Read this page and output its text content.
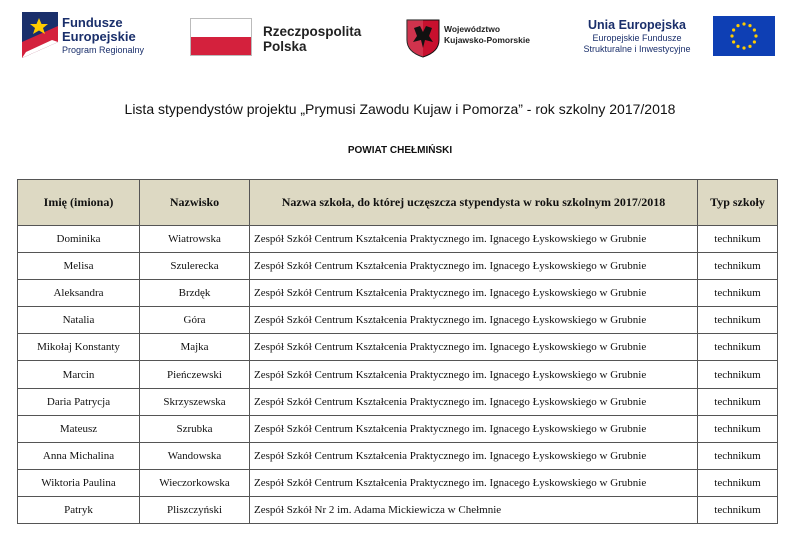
Fundusze
Europejskie
Program Regionalny
Rzeczpospolita
Polska
Województwo
Kujawsko-Pomorskie
Unia Europejska
Europejskie Fundusze
Strukturalne i Inwestycyjne
Lista stypendystów projektu „Prymusi Zawodu Kujaw i Pomorza” - rok szkolny 2017/2018
POWIAT CHEŁMIŃSKI
Imię (imiona)	Nazwisko	Nazwa szkoła, do której uczęszcza stypendysta w roku szkolnym 2017/2018	Typ szkoły
Dominika	Wiatrowska	Zespół Szkół Centrum Kształcenia Praktycznego im. Ignacego Łyskowskiego w Grubnie	technikum
Melisa	Szulerecka	Zespół Szkół Centrum Kształcenia Praktycznego im. Ignacego Łyskowskiego w Grubnie	technikum
Aleksandra	Brzdęk	Zespół Szkół Centrum Kształcenia Praktycznego im. Ignacego Łyskowskiego w Grubnie	technikum
Natalia	Góra	Zespół Szkół Centrum Kształcenia Praktycznego im. Ignacego Łyskowskiego w Grubnie	technikum
Mikołaj Konstanty	Majka	Zespół Szkół Centrum Kształcenia Praktycznego im. Ignacego Łyskowskiego w Grubnie	technikum
Marcin	Pieńczewski	Zespół Szkół Centrum Kształcenia Praktycznego im. Ignacego Łyskowskiego w Grubnie	technikum
Daria Patrycja	Skrzyszewska	Zespół Szkół Centrum Kształcenia Praktycznego im. Ignacego Łyskowskiego w Grubnie	technikum
Mateusz	Szrubka	Zespół Szkół Centrum Kształcenia Praktycznego im. Ignacego Łyskowskiego w Grubnie	technikum
Anna Michalina	Wandowska	Zespół Szkół Centrum Kształcenia Praktycznego im. Ignacego Łyskowskiego w Grubnie	technikum
Wiktoria Paulina	Wieczorkowska	Zespół Szkół Centrum Kształcenia Praktycznego im. Ignacego Łyskowskiego w Grubnie	technikum
Patryk	Pliszczyński	Zespół Szkół Nr 2 im. Adama Mickiewicza w Chełmnie	technikum
